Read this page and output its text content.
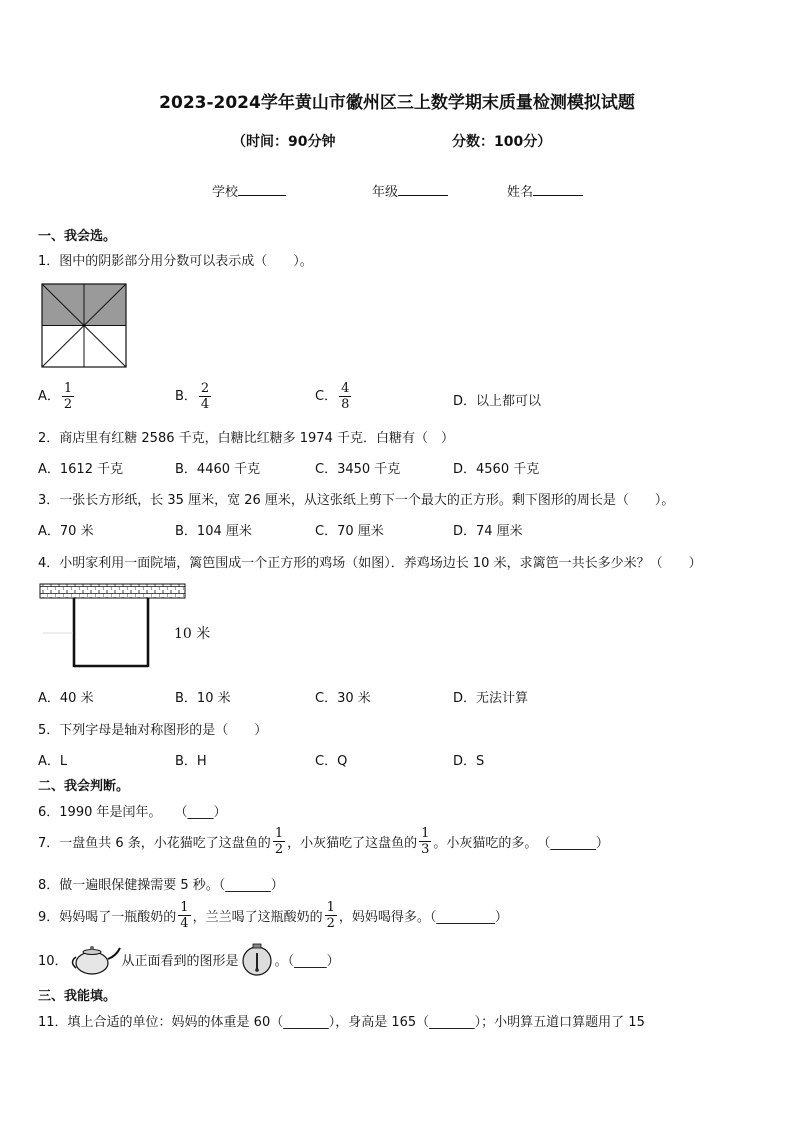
2023-2024学年黄山市徽州区三上数学期末质量检测模拟试题
（时间：90分钟	分数：100分）
学校	年级	姓名
一、我会选。
1．图中的阴影部分用分数可以表示成（　　）。
A． $\frac{1}{2}$	B． $\frac{2}{4}$	C． $\frac{4}{8}$	D．以上都可以
2．商店里有红糖 2586 千克，白糖比红糖多 1974 千克．白糖有（　）
A．1612 千克	B．4460 千克	C．3450 千克	D．4560 千克
3．一张长方形纸，长 35 厘米，宽 26 厘米，从这张纸上剪下一个最大的正方形。剩下图形的周长是（　　）。
A．70 米	B．104 厘米	C．70 厘米	D．74 厘米
4．小明家利用一面院墙，篱笆围成一个正方形的鸡场（如图）．养鸡场边长 10 米，求篱笆一共长多少米？（　　）
10 米
A．40 米	B．10 米	C．30 米	D．无法计算
5．下列字母是轴对称图形的是（　　）
A．L	B．H	C．Q	D．S
二、我会判断。
6．1990 年是闰年。　　（____）
7．一盘鱼共 6 条，小花猫吃了这盘鱼的 $\frac{1}{2}$ ，小灰猫吃了这盘鱼的 $\frac{1}{3}$ 。小灰猫吃的多。　（_______）
8．做一遍眼保健操需要 5 秒。（_______）
9．妈妈喝了一瓶酸奶的 $\frac{1}{4}$ ，兰兰喝了这瓶酸奶的 $\frac{1}{2}$ ，妈妈喝得多。（_________）
10．	从正面看到的图形是	。（_____）
三、我能填。
11．填上合适的单位：妈妈的体重是 60（_______），身高是 165（_______）；小明算五道口算题用了 15
